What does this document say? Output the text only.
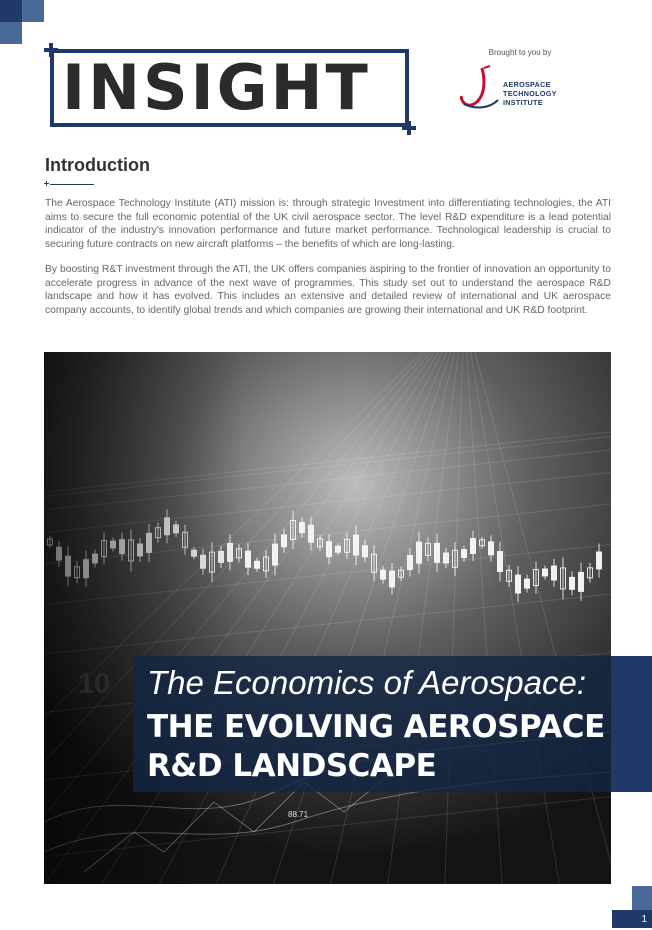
INSIGHT	Brought to you by
AEROSPACE
TECHNOLOGY
INSTITUTE
Introduction

The Aerospace Technology Institute (ATI) mission is: through strategic Investment into differentiating technologies, the ATI aims to secure the full economic potential of the UK civil aerospace sector. The level R&D expenditure is a lead potential indicator of the industry's innovation performance and future market performance. Technological leadership is crucial to securing future contracts on new aircraft platforms – the benefits of which are long-lasting.

By boosting R&T investment through the ATI, the UK offers companies aspiring to the frontier of innovation an opportunity to accelerate progress in advance of the next wave of programmes. This study set out to understand the aerospace R&D landscape and how it has evolved. This includes an extensive and detailed review of international and UK aerospace company accounts, to identify global trends and which companies are growing their international and UK R&D footprint.

88.71
10 The Economics of Aerospace:
THE EVOLVING AEROSPACE
R&D LANDSCAPE
1
